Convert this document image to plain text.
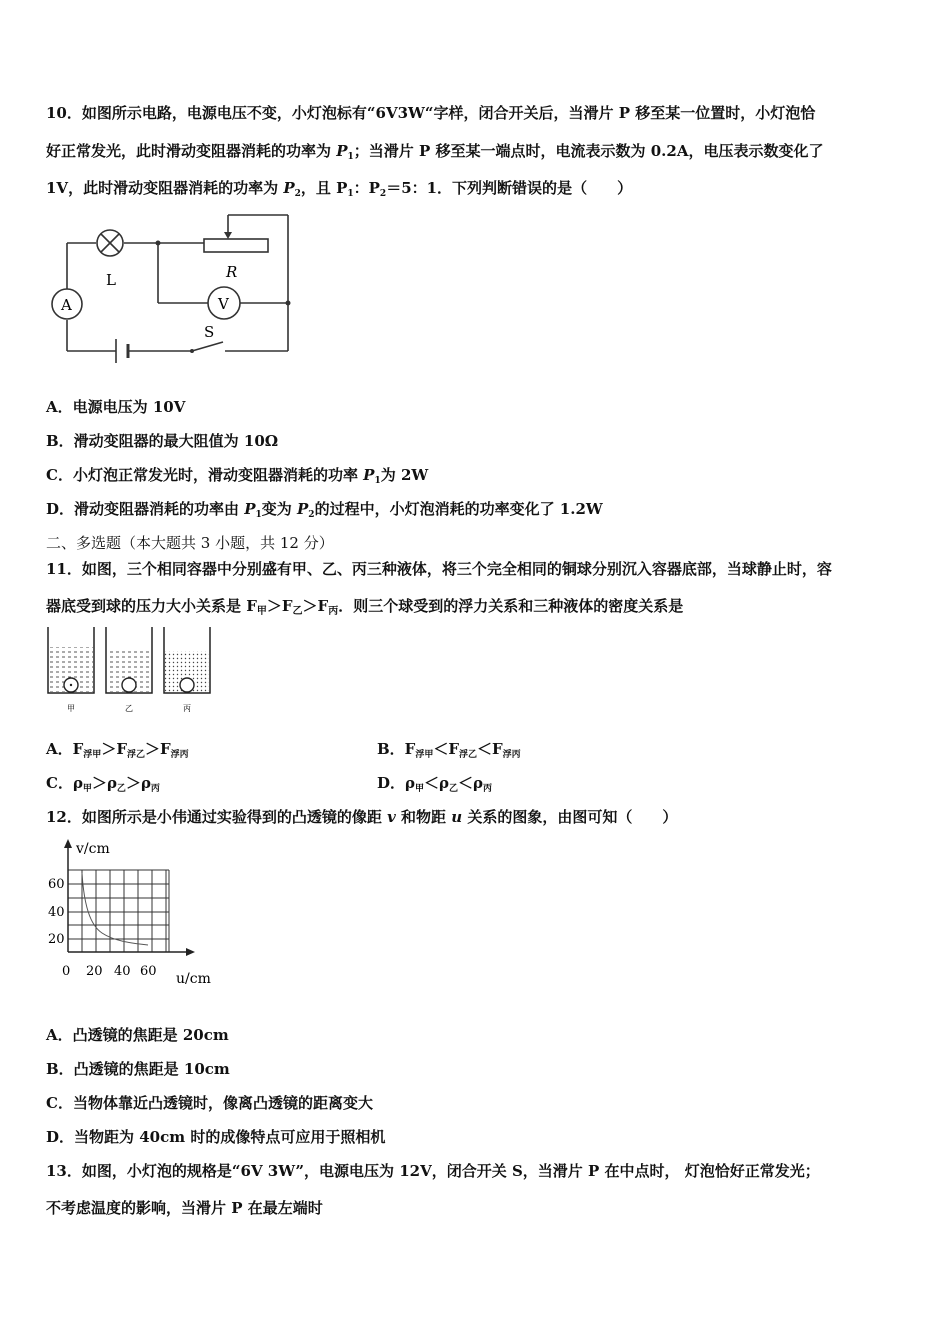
10．如图所示电路，电源电压不变，小灯泡标有“6V3W“字样，闭合开关后，当滑片 P 移至某一位置时，小灯泡恰
好正常发光，此时滑动变阻器消耗的功率为 $P_1$；当滑片 P 移至某一端点时，电流表示数为 0.2A，电压表示数变化了
1V，此时滑动变阻器消耗的功率为 $P_2$，且 $P_1$：$P_2=5$：1．下列判断错误的是（　　）
L	R
A	V
S
A．电源电压为 10V
B．滑动变阻器的最大阻值为 10Ω
C．小灯泡正常发光时，滑动变阻器消耗的功率 $P_1$为 2W
D．滑动变阻器消耗的功率由 $P_1$变为 $P_2$的过程中，小灯泡消耗的功率变化了 1.2W
二、多选题（本大题共 3 小题，共 12 分）
11．如图，三个相同容器中分别盛有甲、乙、丙三种液体，将三个完全相同的铜球分别沉入容器底部，当球静止时，容
器底受到球的压力大小关系是 $F_甲>F_乙>F_丙$．则三个球受到的浮力关系和三种液体的密度关系是
甲	乙	丙
A．$F_{浮甲}>F_{浮乙}>F_{浮丙}$	B．$F_{浮甲}<F_{浮乙}<F_{浮丙}$
C．$\rho_甲>\rho_乙>\rho_丙$	D．$\rho_甲<\rho_乙<\rho_丙$
12．如图所示是小伟通过实验得到的凸透镜的像距 v 和物距 u 关系的图象，由图可知（　　）
v/cm
u/cm
60
40
20
0 20 40 60
A．凸透镜的焦距是 20cm
B．凸透镜的焦距是 10cm
C．当物体靠近凸透镜时，像离凸透镜的距离变大
D．当物距为 40cm 时的成像特点可应用于照相机
13．如图，小灯泡的规格是“6V 3W”，电源电压为 12V，闭合开关 S，当滑片 P 在中点时， 灯泡恰好正常发光；
不考虑温度的影响，当滑片 P 在最左端时
